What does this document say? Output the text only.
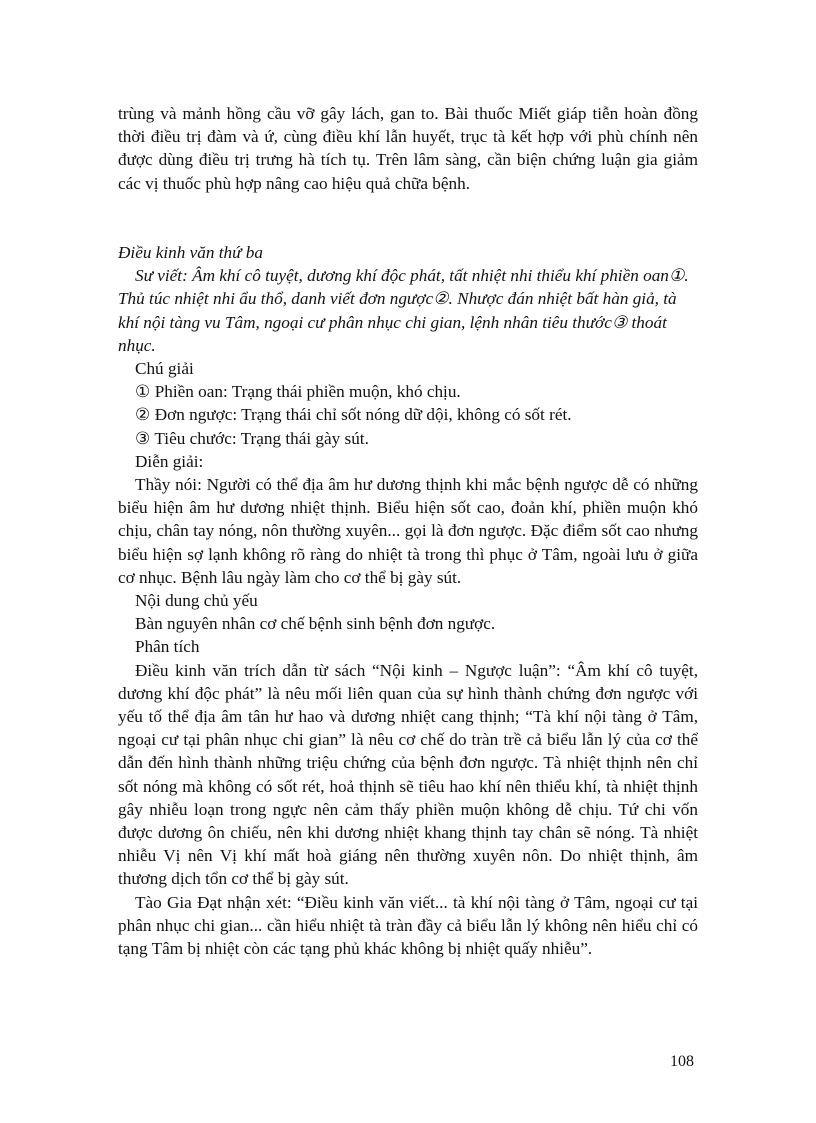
trùng và mảnh hồng cầu vỡ gây lách, gan to. Bài thuốc Miết giáp tiễn hoàn đồng thời điều trị đàm và ứ, cùng điều khí lẫn huyết, trục tà kết hợp với phù chính nên được dùng điều trị trưng hà tích tụ. Trên lâm sàng, cần biện chứng luận gia giảm các vị thuốc phù hợp nâng cao hiệu quả chữa bệnh.

Điều kinh văn thứ ba

Sư viết: Âm khí cô tuyệt, dương khí độc phát, tất nhiệt nhi thiểu khí phiền oan①. Thủ túc nhiệt nhi ẩu thổ, danh viết đơn ngược②. Nhược đán nhiệt bất hàn giả, tà khí nội tàng vu Tâm, ngoại cư phân nhục chi gian, lệnh nhân tiêu thước③ thoát nhục.

Chú giải

① Phiền oan: Trạng thái phiền muộn, khó chịu.

② Đơn ngược: Trạng thái chỉ sốt nóng dữ dội, không có sốt rét.

③ Tiêu chước: Trạng thái gày sút.

Diễn giải:

Thầy nói: Người có thể địa âm hư dương thịnh khi mắc bệnh ngược dễ có những biểu hiện âm hư dương nhiệt thịnh. Biểu hiện sốt cao, đoản khí, phiền muộn khó chịu, chân tay nóng, nôn thường xuyên... gọi là đơn ngược. Đặc điểm sốt cao nhưng biểu hiện sợ lạnh không rõ ràng do nhiệt tà trong thì phục ở Tâm, ngoài lưu ở giữa cơ nhục. Bệnh lâu ngày làm cho cơ thể bị gày sút.

Nội dung chủ yếu

Bàn nguyên nhân cơ chế bệnh sinh bệnh đơn ngược.

Phân tích

Điều kinh văn trích dẫn từ sách “Nội kinh – Ngược luận”: “Âm khí cô tuyệt, dương khí độc phát” là nêu mối liên quan của sự hình thành chứng đơn ngược với yếu tố thể địa âm tân hư hao và dương nhiệt cang thịnh; “Tà khí nội tàng ở Tâm, ngoại cư tại phân nhục chi gian” là nêu cơ chế do tràn trề cả biểu lẫn lý của cơ thể dẫn đến hình thành những triệu chứng của bệnh đơn ngược. Tà nhiệt thịnh nên chỉ sốt nóng mà không có sốt rét, hoả thịnh sẽ tiêu hao khí nên thiểu khí, tà nhiệt thịnh gây nhiễu loạn trong ngực nên cảm thấy phiền muộn không dễ chịu. Tứ chi vốn được dương ôn chiếu, nên khi dương nhiệt khang thịnh tay chân sẽ nóng. Tà nhiệt nhiễu Vị nên Vị khí mất hoà giáng nên thường xuyên nôn. Do nhiệt thịnh, âm thương dịch tổn cơ thể bị gày sút.

Tào Gia Đạt nhận xét: “Điều kinh văn viết... tà khí nội tàng ở Tâm, ngoại cư tại phân nhục chi gian... cần hiểu nhiệt tà tràn đầy cả biểu lẫn lý không nên hiểu chỉ có tạng Tâm bị nhiệt còn các tạng phủ khác không bị nhiệt quấy nhiễu”.

108
